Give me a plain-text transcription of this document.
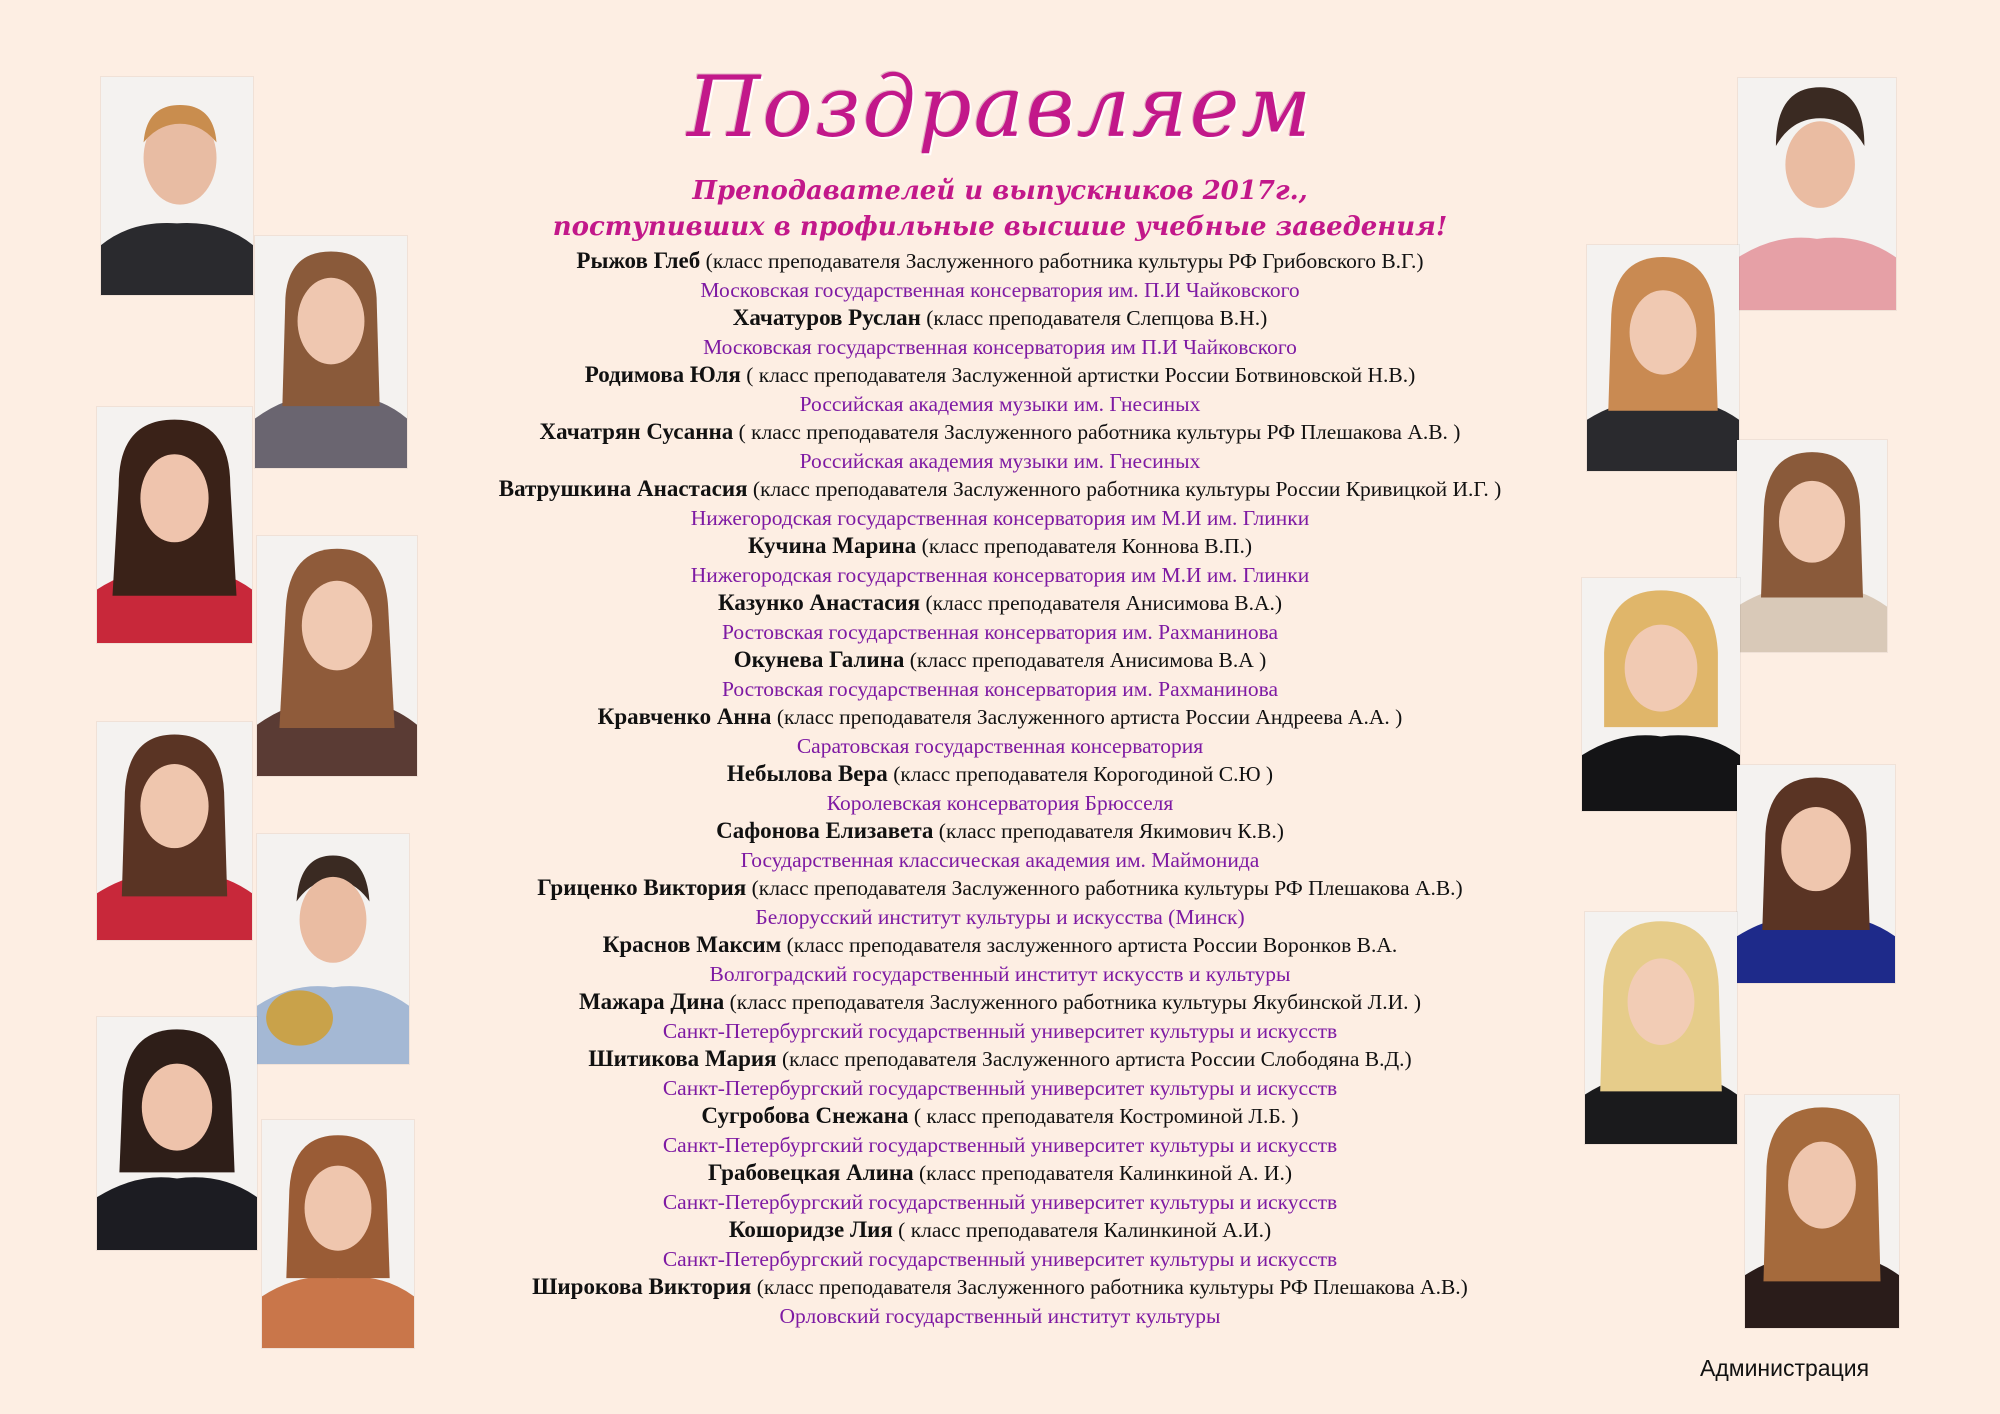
Поздравляем
Преподавателей и выпускников 2017г.,
поступивших в профильные высшие учебные заведения!
Рыжов Глеб (класс преподавателя Заслуженного работника культуры РФ Грибовского В.Г.)
Московская государственная консерватория им. П.И Чайковского
Хачатуров Руслан (класс преподавателя Слепцова В.Н.)
Московская государственная консерватория им П.И Чайковского
Родимова Юля ( класс преподавателя Заслуженной артистки России Ботвиновской Н.В.)
Российская академия музыки им. Гнесиных
Хачатрян Сусанна ( класс преподавателя Заслуженного работника культуры РФ Плешакова А.В. )
Российская академия музыки им. Гнесиных
Ватрушкина Анастасия (класс преподавателя Заслуженного работника культуры России Кривицкой И.Г. )
Нижегородская государственная консерватория им М.И им. Глинки
Кучина Марина (класс преподавателя Коннова В.П.)
Нижегородская государственная консерватория им М.И им. Глинки
Казунко Анастасия (класс преподавателя Анисимова В.А.)
Ростовская государственная консерватория им. Рахманинова
Окунева Галина (класс преподавателя Анисимова В.А )
Ростовская государственная консерватория им. Рахманинова
Кравченко Анна (класс преподавателя Заслуженного артиста России Андреева А.А. )
Саратовская государственная консерватория
Небылова Вера (класс преподавателя Корогодиной С.Ю )
Королевская консерватория Брюсселя
Сафонова Елизавета (класс преподавателя Якимович К.В.)
Государственная классическая академия им. Маймонида
Гриценко Виктория (класс преподавателя Заслуженного работника культуры РФ Плешакова А.В.)
Белорусский институт культуры и искусства (Минск)
Краснов Максим (класс преподавателя заслуженного артиста России Воронков В.А.
Волгоградский государственный институт искусств и культуры
Мажара Дина (класс преподавателя Заслуженного работника культуры Якубинской Л.И. )
Санкт-Петербургский государственный университет культуры и искусств
Шитикова Мария (класс преподавателя Заслуженного артиста России Слободяна В.Д.)
Санкт-Петербургский государственный университет культуры и искусств
Сугробова Снежана ( класс преподавателя Костроминой Л.Б. )
Санкт-Петербургский государственный университет культуры и искусств
Грабовецкая Алина (класс преподавателя Калинкиной А. И.)
Санкт-Петербургский государственный университет культуры и искусств
Кошоридзе Лия ( класс преподавателя Калинкиной А.И.)
Санкт-Петербургский государственный университет культуры и искусств
Широкова Виктория (класс преподавателя Заслуженного работника культуры РФ Плешакова А.В.)
Орловский государственный институт культуры
Администрация
